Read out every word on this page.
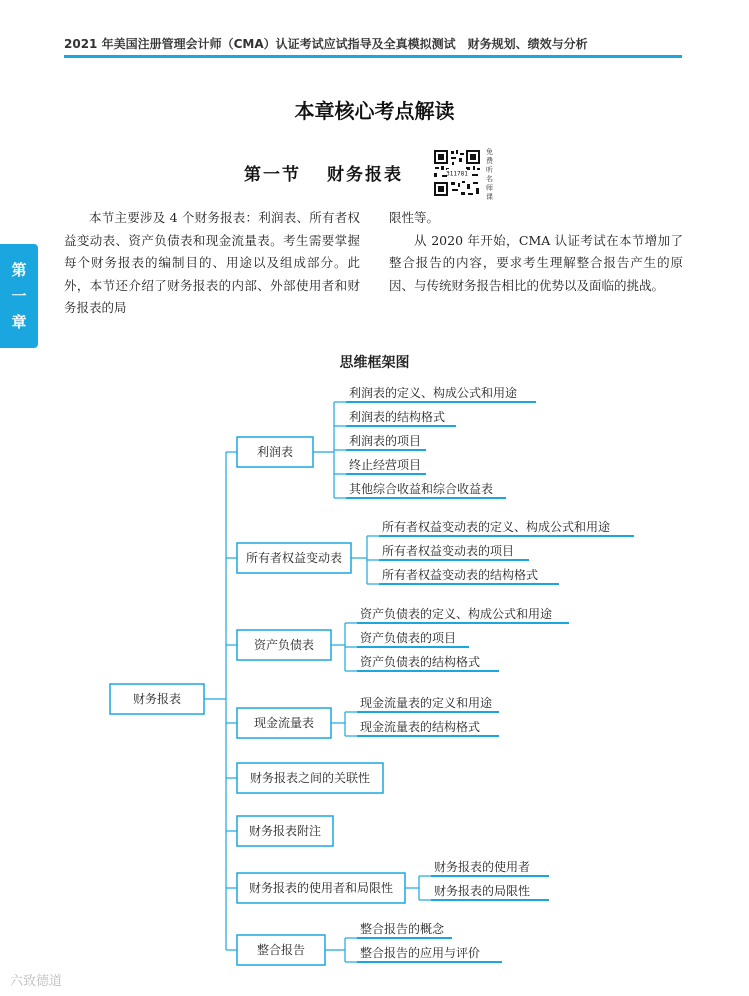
2021 年美国注册管理会计师（CMA）认证考试应试指导及全真模拟测试　财务规划、绩效与分析
本章核心考点解读
第一节 财务报表	311781
免费听名师课
第
一
章
本节主要涉及 4 个财务报表：利润表、所有者权益变动表、资产负债表和现金流量表。考生需要掌握每个财务报表的编制目的、用途以及组成部分。此外，本节还介绍了财务报表的内部、外部使用者和财务报表的局

限性等。

从 2020 年开始，CMA 认证考试在本节增加了整合报告的内容，要求考生理解整合报告产生的原因、与传统财务报告相比的优势以及面临的挑战。

思维框架图
财务报表
利润表
利润表的定义、构成公式和用途
利润表的结构格式
利润表的项目
终止经营项目
其他综合收益和综合收益表
所有者权益变动表
所有者权益变动表的定义、构成公式和用途
所有者权益变动表的项目
所有者权益变动表的结构格式
资产负债表
资产负债表的定义、构成公式和用途
资产负债表的项目
资产负债表的结构格式
现金流量表
现金流量表的定义和用途
现金流量表的结构格式
财务报表之间的关联性
财务报表附注
财务报表的使用者和局限性
财务报表的使用者
财务报表的局限性
整合报告
整合报告的概念
整合报告的应用与评价
六致德道
